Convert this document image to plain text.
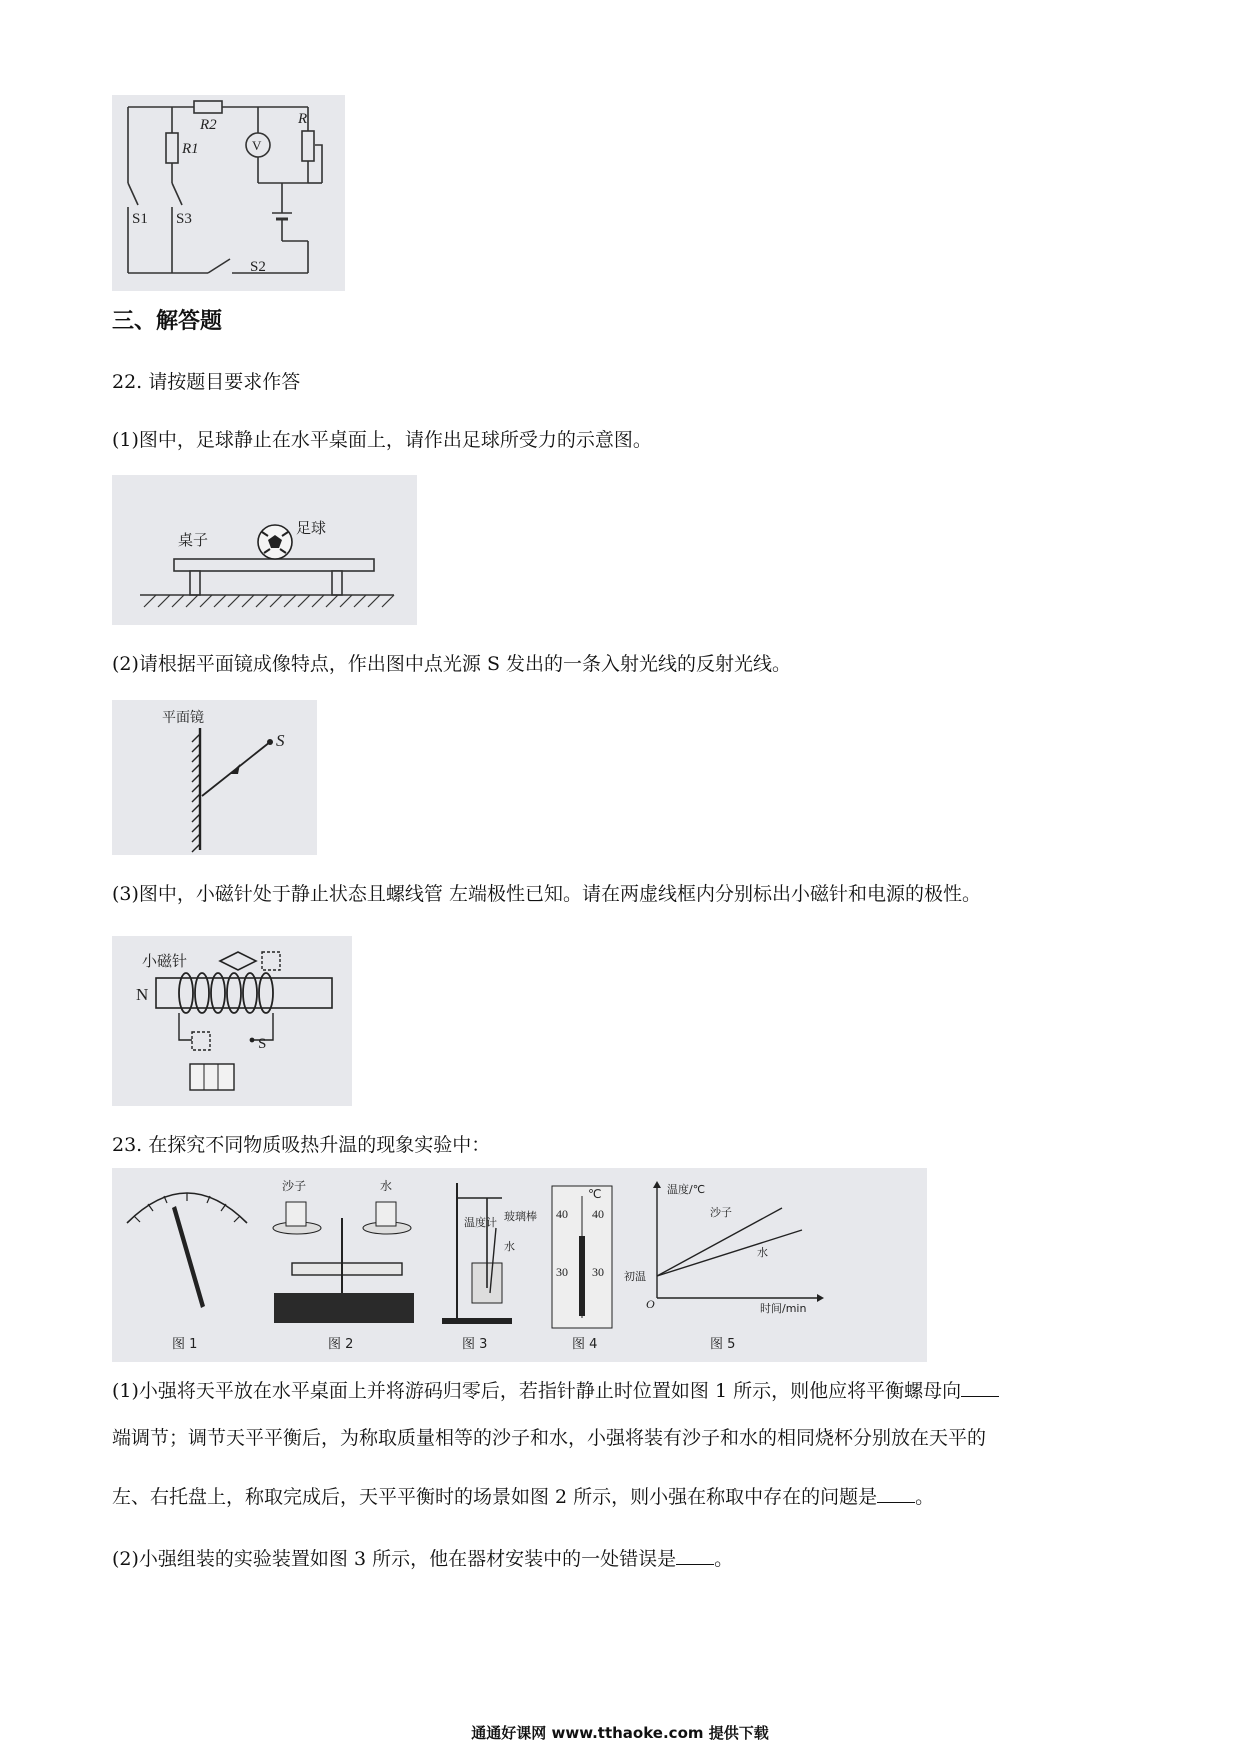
R2
R1
R
V
S1 S3
S2
三、解答题
22. 请按题目要求作答
(1)图中，足球静止在水平桌面上，请作出足球所受力的示意图。
桌子
足球
(2)请根据平面镜成像特点，作出图中点光源 S 发出的一条入射光线的反射光线。
平面镜
S
(3)图中，小磁针处于静止状态且螺线管 左端极性已知。请在两虚线框内分别标出小磁针和电源的极性。
小磁针
N
S
23. 在探究不同物质吸热升温的现象实验中：
图 1
沙子	水
图 2
温度计 玻璃棒
水
图 3
℃
40 40
30 30
图 4
温度/℃
时间/min
初温
O
沙子
水
图 5
(1)小强将天平放在水平桌面上并将游码归零后，若指针静止时位置如图 1 所示，则他应将平衡螺母向
端调节；调节天平平衡后，为称取质量相等的沙子和水，小强将装有沙子和水的相同烧杯分别放在天平的
左、右托盘上，称取完成后，天平平衡时的场景如图 2 所示，则小强在称取中存在的问题是 。
(2)小强组装的实验装置如图 3 所示，他在器材安装中的一处错误是 。
通通好课网 www.tthaoke.com 提供下载
